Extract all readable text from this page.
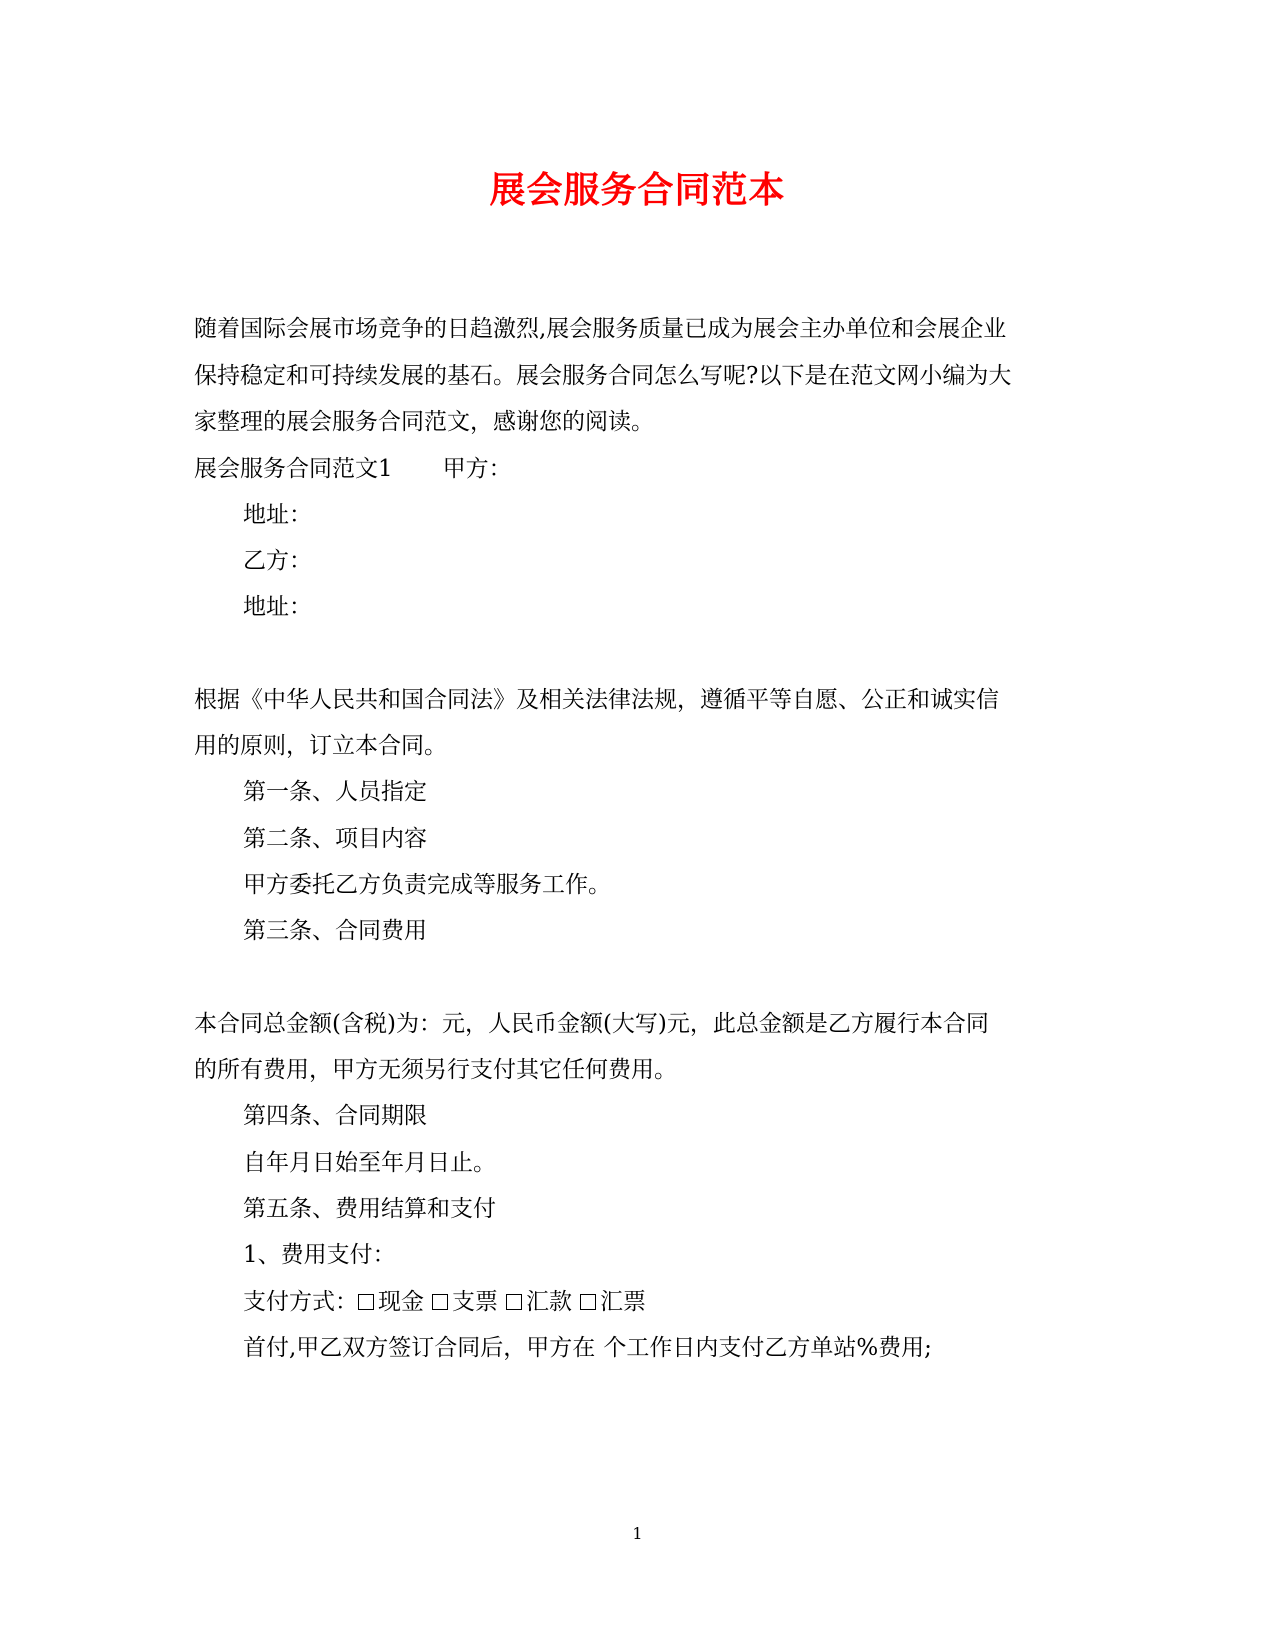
展会服务合同范本
随着国际会展市场竞争的日趋激烈,展会服务质量已成为展会主办单位和会展企业
保持稳定和可持续发展的基石。展会服务合同怎么写呢?以下是在范文网小编为大
家整理的展会服务合同范文，感谢您的阅读。
展会服务合同范文1 甲方：
地址：
乙方：
地址：
根据《中华人民共和国合同法》及相关法律法规，遵循平等自愿、公正和诚实信
用的原则，订立本合同。
第一条、人员指定
第二条、项目内容
甲方委托乙方负责完成等服务工作。
第三条、合同费用
本合同总金额(含税)为：元，人民币金额(大写)元，此总金额是乙方履行本合同
的所有费用，甲方无须另行支付其它任何费用。
第四条、合同期限
自年月日始至年月日止。
第五条、费用结算和支付
1、费用支付：
支付方式： 现金 支票 汇款 汇票
首付,甲乙双方签订合同后，甲方在 个工作日内支付乙方单站%费用;
1
